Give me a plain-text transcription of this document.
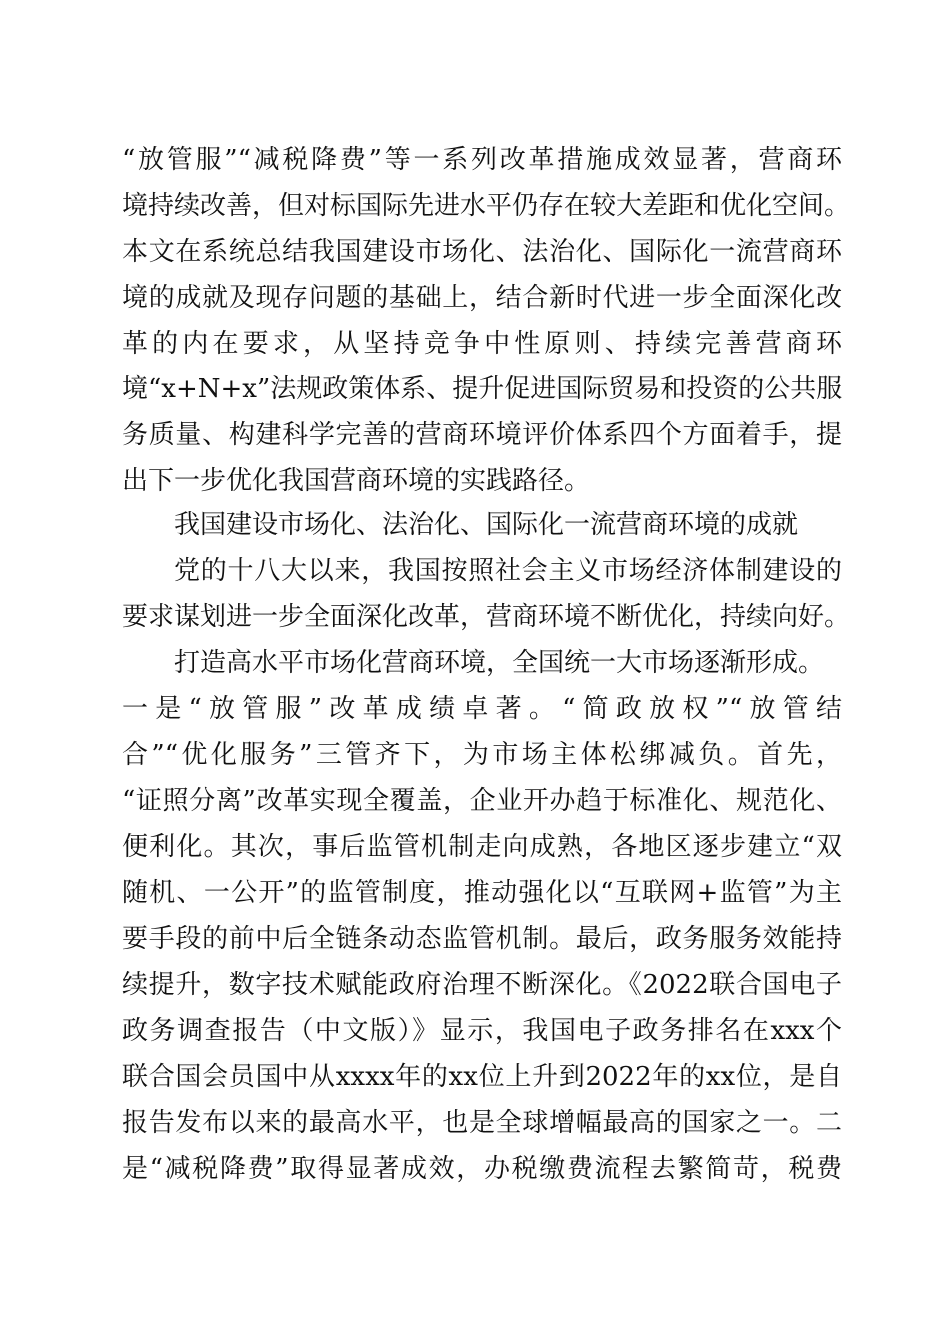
“放管服”“减税降费”等一系列改革措施成效显著，营商环
境持续改善，但对标国际先进水平仍存在较大差距和优化空间。
本文在系统总结我国建设市场化、法治化、国际化一流营商环
境的成就及现存问题的基础上，结合新时代进一步全面深化改
革的内在要求，从坚持竞争中性原则、持续完善营商环
境“x+N+x”法规政策体系、提升促进国际贸易和投资的公共服
务质量、构建科学完善的营商环境评价体系四个方面着手，提
出下一步优化我国营商环境的实践路径。
我国建设市场化、法治化、国际化一流营商环境的成就
党的十八大以来，我国按照社会主义市场经济体制建设的
要求谋划进一步全面深化改革，营商环境不断优化，持续向好。
打造高水平市场化营商环境，全国统一大市场逐渐形成。
一是“放管服”改革成绩卓著。“简政放权”“放管结
合”“优化服务”三管齐下，为市场主体松绑减负。首先，
“证照分离”改革实现全覆盖，企业开办趋于标准化、规范化、
便利化。其次，事后监管机制走向成熟，各地区逐步建立“双
随机、一公开”的监管制度，推动强化以“互联网+监管”为主
要手段的前中后全链条动态监管机制。最后，政务服务效能持
续提升，数字技术赋能政府治理不断深化。《2022联合国电子
政务调查报告（中文版）》显示，我国电子政务排名在xxx个
联合国会员国中从xxxx年的xx位上升到2022年的xx位，是自
报告发布以来的最高水平，也是全球增幅最高的国家之一。二
是“减税降费”取得显著成效，办税缴费流程去繁简苛，税费
